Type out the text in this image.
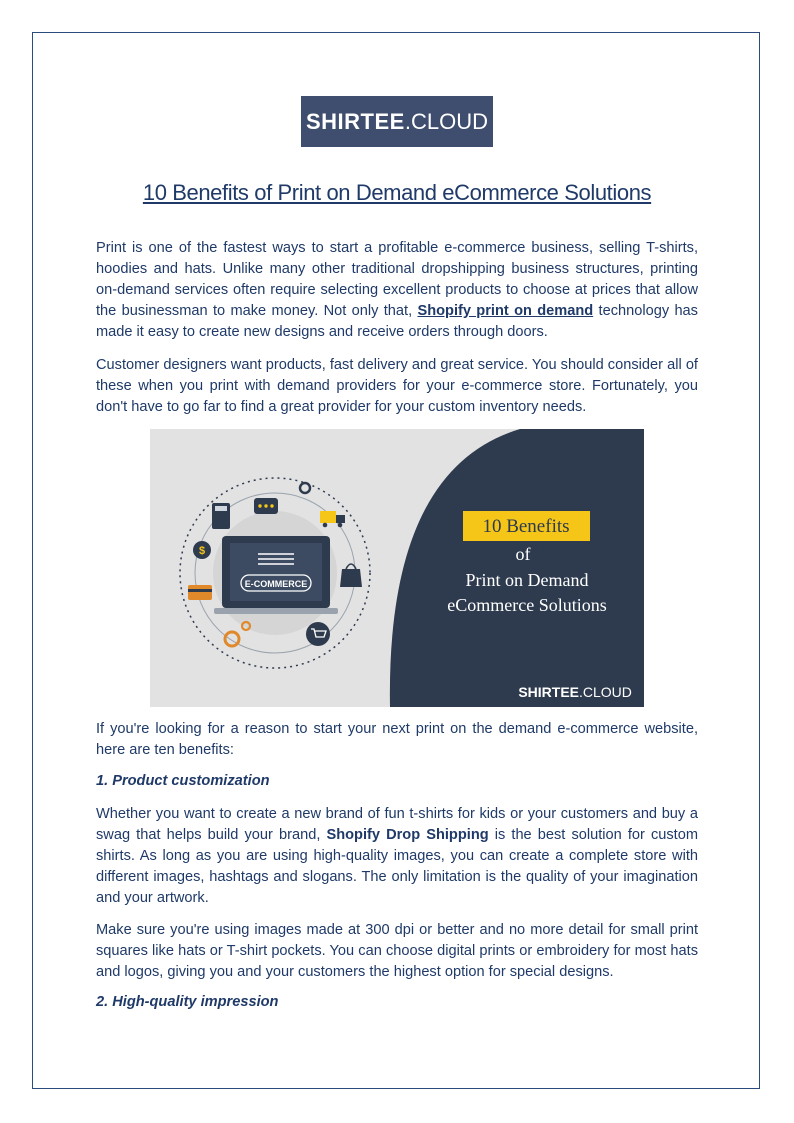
SHIRTEE .CLOUD
10 Benefits of Print on Demand eCommerce Solutions

Print is one of the fastest ways to start a profitable e-commerce business, selling T-shirts, hoodies and hats. Unlike many other traditional dropshipping business structures, printing on-demand services often require selecting excellent products to choose at prices that allow the businessman to make money. Not only that, Shopify print on demand technology has made it easy to create new designs and receive orders through doors.

Customer designers want products, fast delivery and great service. You should consider all of these when you print with demand providers for your e-commerce store. Fortunately, you don't have to go far to find a great provider for your custom inventory needs.

E-COMMERCE
$
10 Benefits
of
Print on Demand
eCommerce Solutions
SHIRTEE .CLOUD

If you're looking for a reason to start your next print on the demand e-commerce website, here are ten benefits:

1. Product customization

Whether you want to create a new brand of fun t-shirts for kids or your customers and buy a swag that helps build your brand, Shopify Drop Shipping is the best solution for custom shirts. As long as you are using high-quality images, you can create a complete store with different images, hashtags and slogans. The only limitation is the quality of your imagination and your artwork.

Make sure you're using images made at 300 dpi or better and no more detail for small print squares like hats or T-shirt pockets. You can choose digital prints or embroidery for most hats and logos, giving you and your customers the highest option for special designs.

2. High-quality impression
